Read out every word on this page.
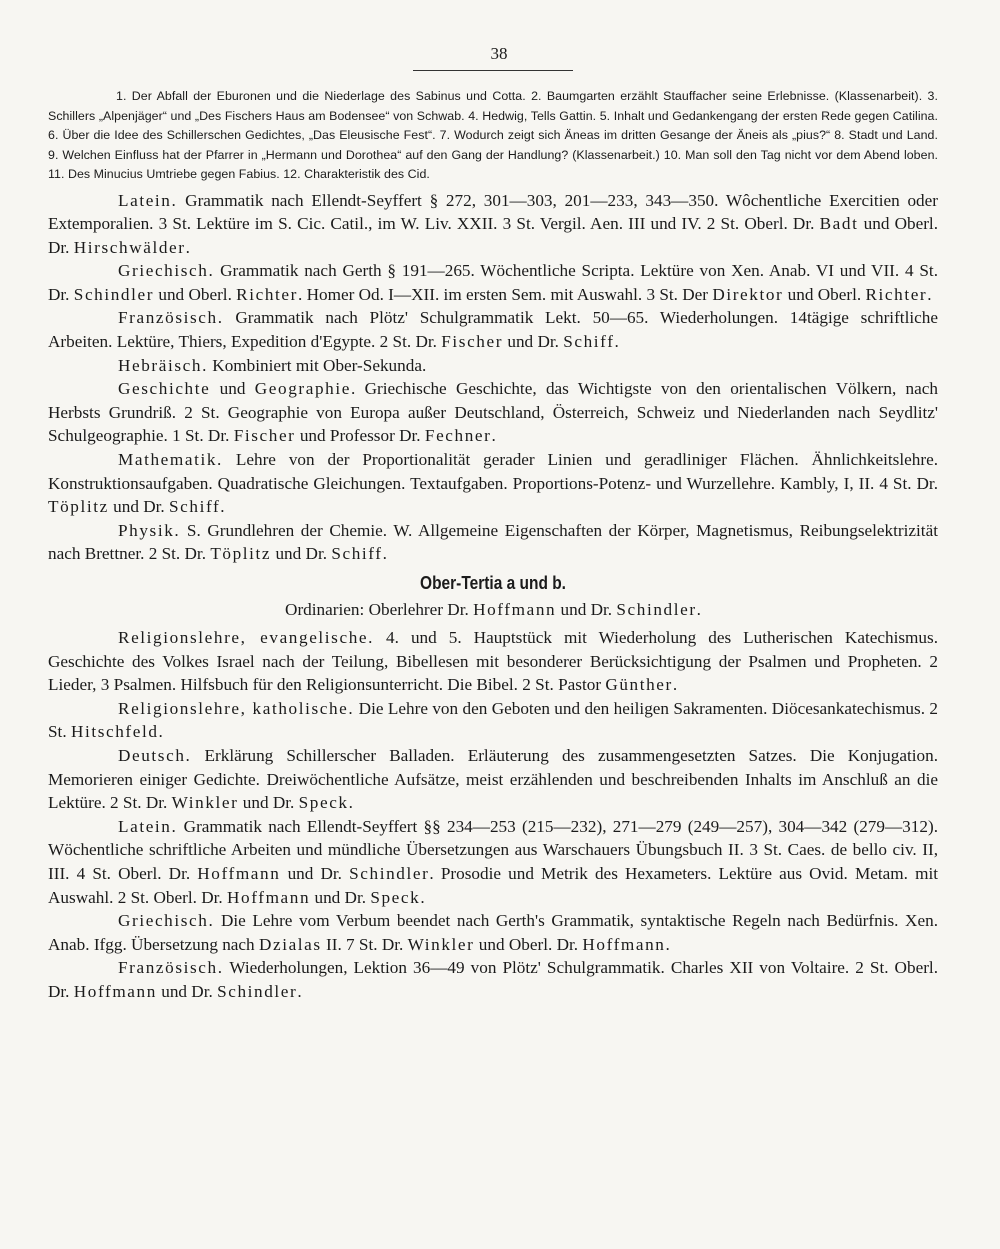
38

1. Der Abfall der Eburonen und die Niederlage des Sabinus und Cotta. 2. Baumgarten erzählt Stauffacher seine Erlebnisse. (Klassenarbeit). 3. Schillers „Alpenjäger“ und „Des Fischers Haus am Bodensee“ von Schwab. 4. Hedwig, Tells Gattin. 5. Inhalt und Gedankengang der ersten Rede gegen Catilina. 6. Über die Idee des Schillerschen Gedichtes, „Das Eleusische Fest“. 7. Wodurch zeigt sich Äneas im dritten Gesange der Äneis als „pius?“ 8. Stadt und Land. 9. Welchen Einfluss hat der Pfarrer in „Hermann und Dorothea“ auf den Gang der Handlung? (Klassenarbeit.) 10. Man soll den Tag nicht vor dem Abend loben. 11. Des Minucius Umtriebe gegen Fabius. 12. Charakteristik des Cid.

Latein. Grammatik nach Ellendt-Seyffert § 272, 301—303, 201—233, 343—350. Wôchentliche Exercitien oder Extemporalien. 3 St. Lektüre im S. Cic. Catil., im W. Liv. XXII. 3 St. Vergil. Aen. III und IV. 2 St. Oberl. Dr. Badt und Oberl. Dr. Hirschwälder.

Griechisch. Grammatik nach Gerth § 191—265. Wöchentliche Scripta. Lektüre von Xen. Anab. VI und VII. 4 St. Dr. Schindler und Oberl. Richter. Homer Od. I—XII. im ersten Sem. mit Auswahl. 3 St. Der Direktor und Oberl. Richter.

Französisch. Grammatik nach Plötz' Schulgrammatik Lekt. 50—65. Wiederholungen. 14tägige schriftliche Arbeiten. Lektüre, Thiers, Expedition d'Egypte. 2 St. Dr. Fischer und Dr. Schiff.

Hebräisch. Kombiniert mit Ober-Sekunda.

Geschichte und Geographie. Griechische Geschichte, das Wichtigste von den orientalischen Völkern, nach Herbsts Grundriß. 2 St. Geographie von Europa außer Deutschland, Österreich, Schweiz und Niederlanden nach Seydlitz' Schulgeographie. 1 St. Dr. Fischer und Professor Dr. Fechner.

Mathematik. Lehre von der Proportionalität gerader Linien und geradliniger Flächen. Ähnlichkeitslehre. Konstruktionsaufgaben. Quadratische Gleichungen. Textaufgaben. Proportions-Potenz- und Wurzellehre. Kambly, I, II. 4 St. Dr. Töplitz und Dr. Schiff.

Physik. S. Grundlehren der Chemie. W. Allgemeine Eigenschaften der Körper, Magnetismus, Reibungselektrizität nach Brettner. 2 St. Dr. Töplitz und Dr. Schiff.

Ober-Tertia a und b.

Ordinarien: Oberlehrer Dr. Hoffmann und Dr. Schindler.

Religionslehre, evangelische. 4. und 5. Hauptstück mit Wiederholung des Lutherischen Katechismus. Geschichte des Volkes Israel nach der Teilung, Bibellesen mit besonderer Berücksichtigung der Psalmen und Propheten. 2 Lieder, 3 Psalmen. Hilfsbuch für den Religionsunterricht. Die Bibel. 2 St. Pastor Günther.

Religionslehre, katholische. Die Lehre von den Geboten und den heiligen Sakramenten. Diöcesankatechismus. 2 St. Hitschfeld.

Deutsch. Erklärung Schillerscher Balladen. Erläuterung des zusammengesetzten Satzes. Die Konjugation. Memorieren einiger Gedichte. Dreiwöchentliche Aufsätze, meist erzählenden und beschreibenden Inhalts im Anschluß an die Lektüre. 2 St. Dr. Winkler und Dr. Speck.

Latein. Grammatik nach Ellendt-Seyffert §§ 234—253 (215—232), 271—279 (249—257), 304—342 (279—312). Wöchentliche schriftliche Arbeiten und mündliche Übersetzungen aus Warschauers Übungsbuch II. 3 St. Caes. de bello civ. II, III. 4 St. Oberl. Dr. Hoffmann und Dr. Schindler. Prosodie und Metrik des Hexameters. Lektüre aus Ovid. Metam. mit Auswahl. 2 St. Oberl. Dr. Hoffmann und Dr. Speck.

Griechisch. Die Lehre vom Verbum beendet nach Gerth's Grammatik, syntaktische Regeln nach Bedürfnis. Xen. Anab. Ifgg. Übersetzung nach Dzialas II. 7 St. Dr. Winkler und Oberl. Dr. Hoffmann.

Französisch. Wiederholungen, Lektion 36—49 von Plötz' Schulgrammatik. Charles XII von Voltaire. 2 St. Oberl. Dr. Hoffmann und Dr. Schindler.
